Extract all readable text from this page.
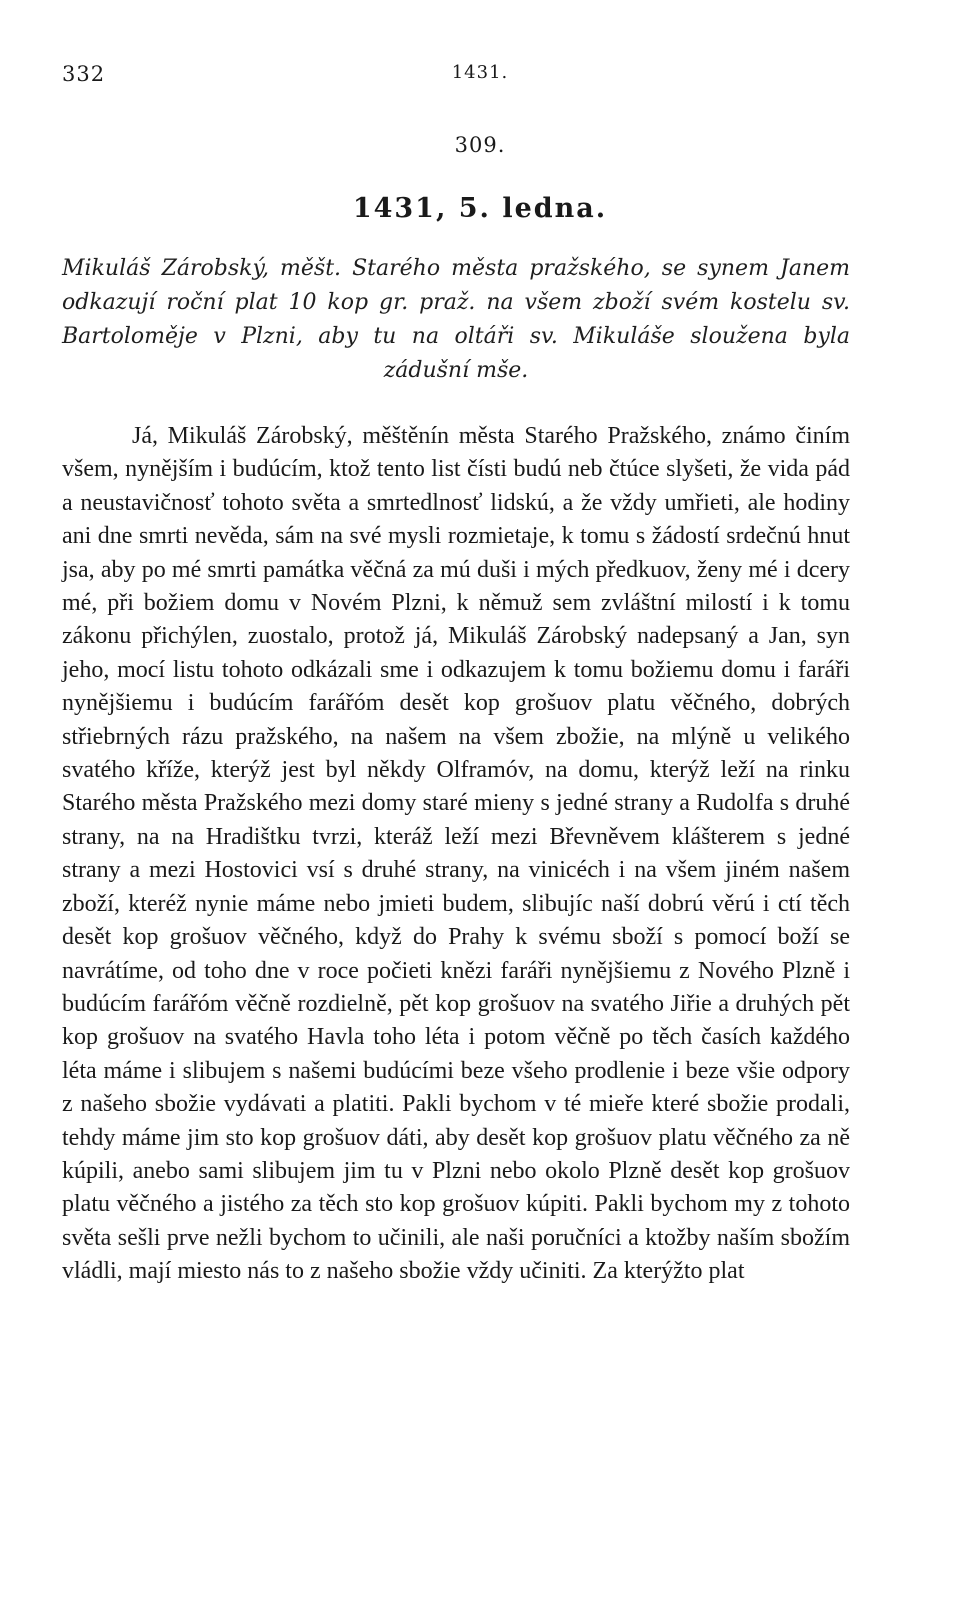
332	1431.
309.
1431, 5. ledna.

Mikuláš Zárobský, měšt. Starého města pražského, se synem Janem odkazují roční plat 10 kop gr. praž. na všem zboží svém kostelu sv. Bartoloměje v Plzni, aby tu na oltáři sv. Mikuláše sloužena byla zádušní mše.

Já, Mikuláš Zárobský, měštěnín města Starého Pražského, známo činím všem, nynějším i budúcím, ktož tento list čísti budú neb čtúce slyšeti, že vida pád a neustavičnosť tohoto světa a smrtedlnosť lidskú, a že vždy umřieti, ale hodiny ani dne smrti nevěda, sám na své mysli rozmietaje, k tomu s žádostí srdečnú hnut jsa, aby po mé smrti památka věčná za mú duši i mých předkuov, ženy mé i dcery mé, při božiem domu v Novém Plzni, k němuž sem zvláštní milostí i k tomu zákonu přichýlen, zuostalo, protož já, Mikuláš Zárobský nadepsaný a Jan, syn jeho, mocí listu tohoto odkázali sme i odkazujem k tomu božiemu domu i faráři nynějšiemu i budúcím farářóm desět kop grošuov platu věčného, dobrých střiebrných rázu pražského, na našem na všem zbožie, na mlýně u velikého svatého kříže, kterýž jest byl někdy Olframóv, na domu, kterýž leží na rinku Starého města Pražského mezi domy staré mieny s jedné strany a Rudolfa s druhé strany, na na Hradištku tvrzi, kteráž leží mezi Břevněvem klášterem s jedné strany a mezi Hostovici vsí s druhé strany, na vinicéch i na všem jiném našem zboží, kteréž nynie máme nebo jmieti budem, slibujíc naší dobrú věrú i ctí těch desět kop grošuov věčného, když do Prahy k svému sboží s pomocí boží se navrátíme, od toho dne v roce počieti knězi faráři nynějšiemu z Nového Plzně i budúcím farářóm věčně rozdielně, pět kop grošuov na svatého Jiřie a druhých pět kop grošuov na svatého Havla toho léta i potom věčně po těch časích každého léta máme i slibujem s našemi budúcími beze všeho prodlenie i beze všie odpory z našeho sbožie vydávati a platiti. Pakli bychom v té mieře které sbožie prodali, tehdy máme jim sto kop grošuov dáti, aby desět kop grošuov platu věčného za ně kúpili, anebo sami slibujem jim tu v Plzni nebo okolo Plzně desět kop grošuov platu věčného a jistého za těch sto kop grošuov kúpiti. Pakli bychom my z tohoto světa sešli prve nežli bychom to učinili, ale naši poručníci a ktožby naším sbožím vládli, mají miesto nás to z našeho sbožie vždy učiniti. Za kterýžto plat
